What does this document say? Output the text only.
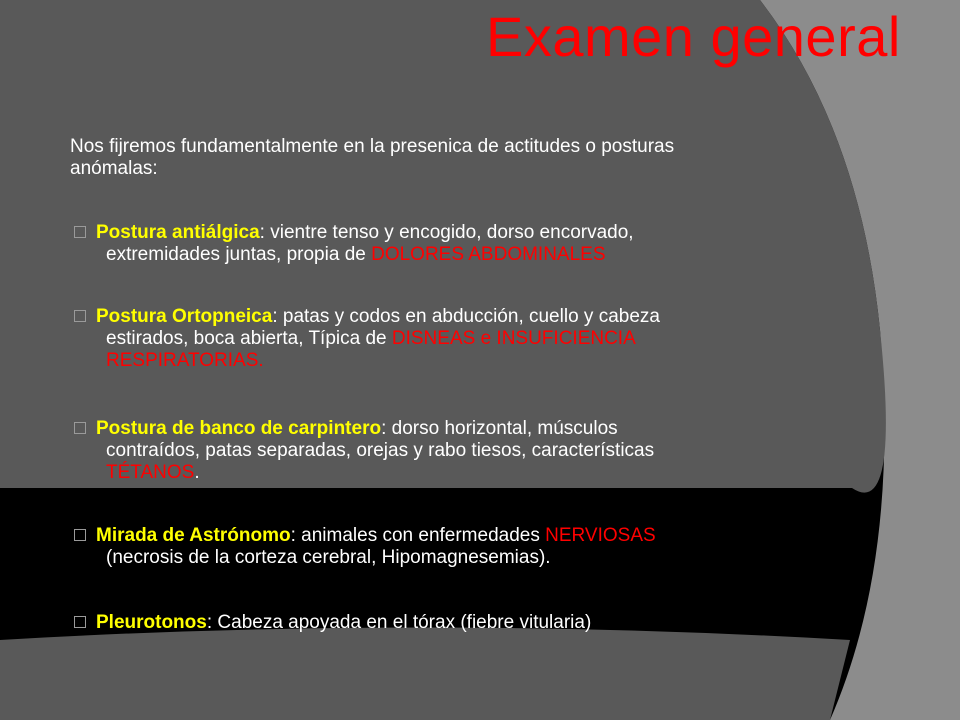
Examen general
Nos fijremos fundamentalmente en la presenica de actitudes o posturas
anómalas:
Postura antiálgica: vientre tenso y encogido, dorso encorvado,
extremidades juntas, propia de DOLORES ABDOMINALES
Postura Ortopneica: patas y codos en abducción, cuello y cabeza
estirados, boca abierta, Típica de DISNEAS e INSUFICIENCIA
RESPIRATORIAS.
Postura de banco de carpintero: dorso horizontal, músculos
contraídos, patas separadas, orejas y rabo tiesos, características
TÉTANOS.
Mirada de Astrónomo: animales con enfermedades NERVIOSAS
(necrosis de la corteza cerebral, Hipomagnesemias).
Pleurotonos: Cabeza apoyada en el tórax (fiebre vitularia)
